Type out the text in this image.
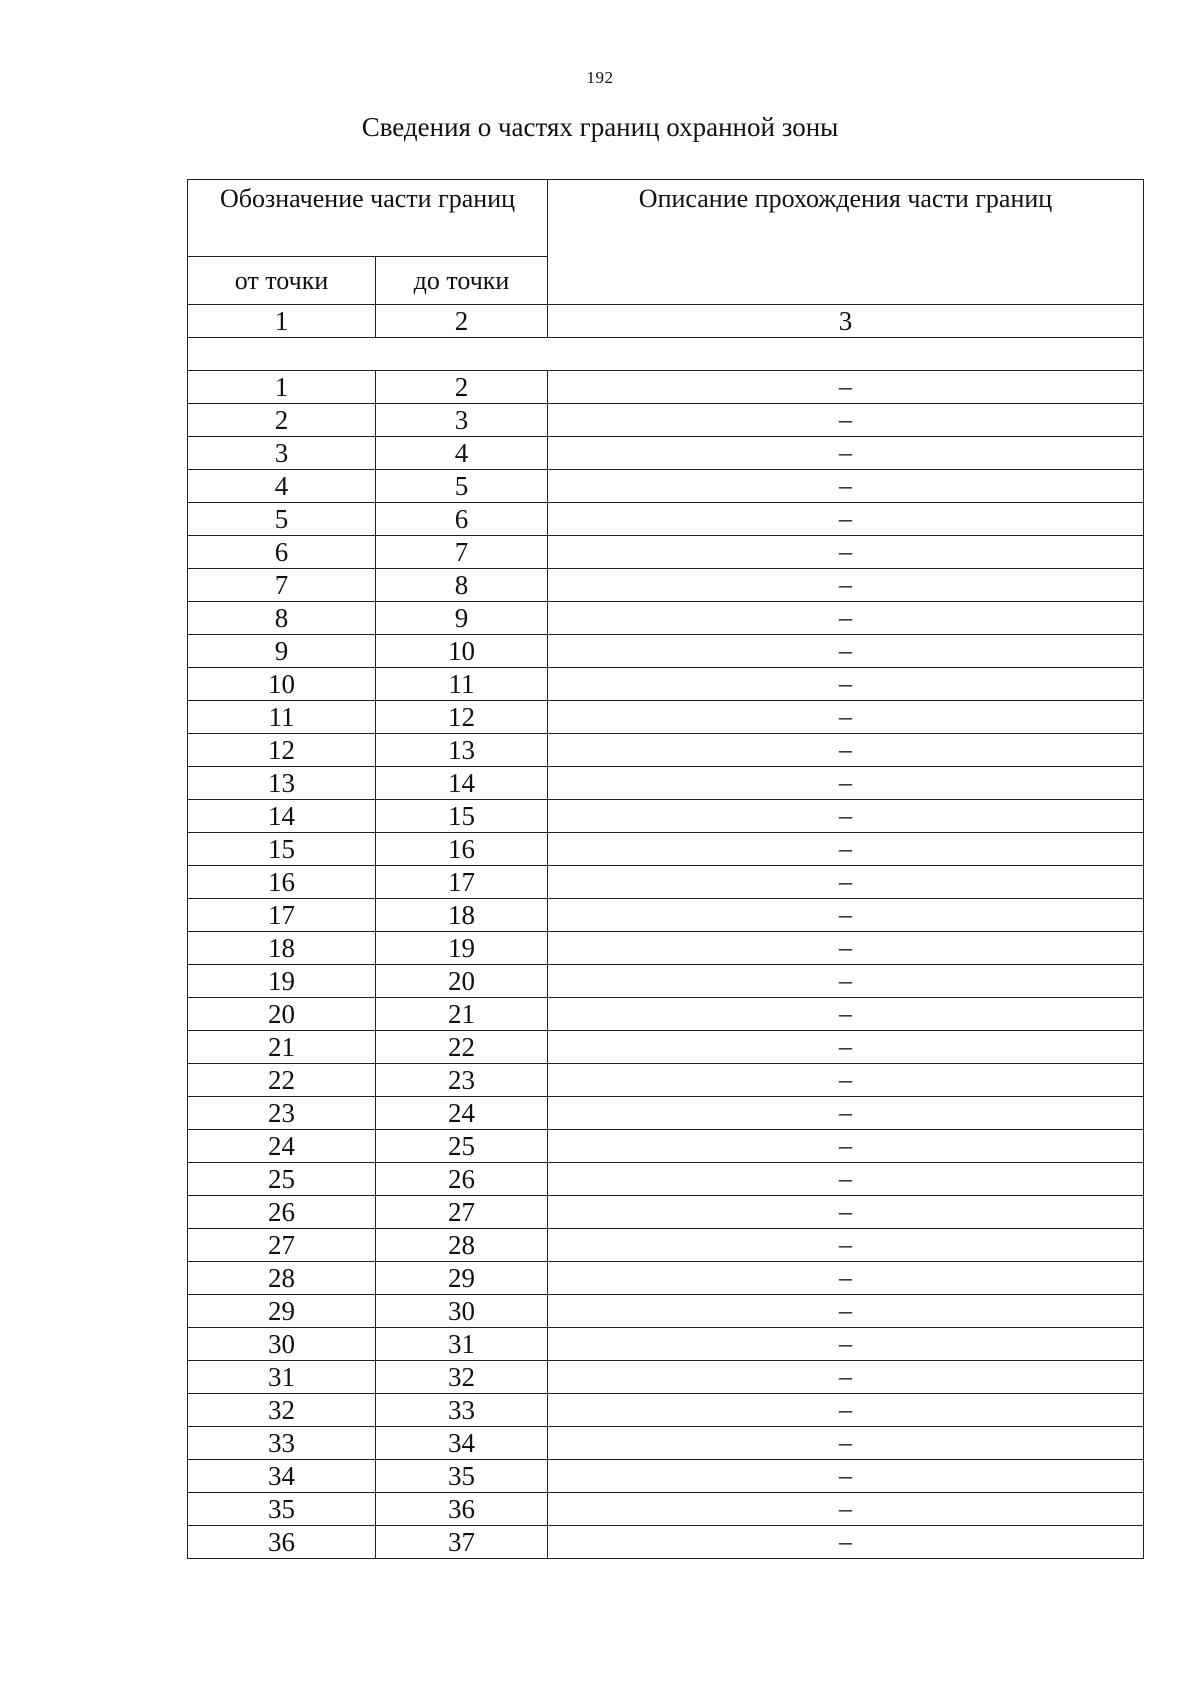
192
Сведения о частях границ охранной зоны
Обозначение части границ		Описание прохождения части границ
от точки	до точки	
1	2	3

1	2	–
2	3	–
3	4	–
4	5	–
5	6	–
6	7	–
7	8	–
8	9	–
9	10	–
10	11	–
11	12	–
12	13	–
13	14	–
14	15	–
15	16	–
16	17	–
17	18	–
18	19	–
19	20	–
20	21	–
21	22	–
22	23	–
23	24	–
24	25	–
25	26	–
26	27	–
27	28	–
28	29	–
29	30	–
30	31	–
31	32	–
32	33	–
33	34	–
34	35	–
35	36	–
36	37	–
